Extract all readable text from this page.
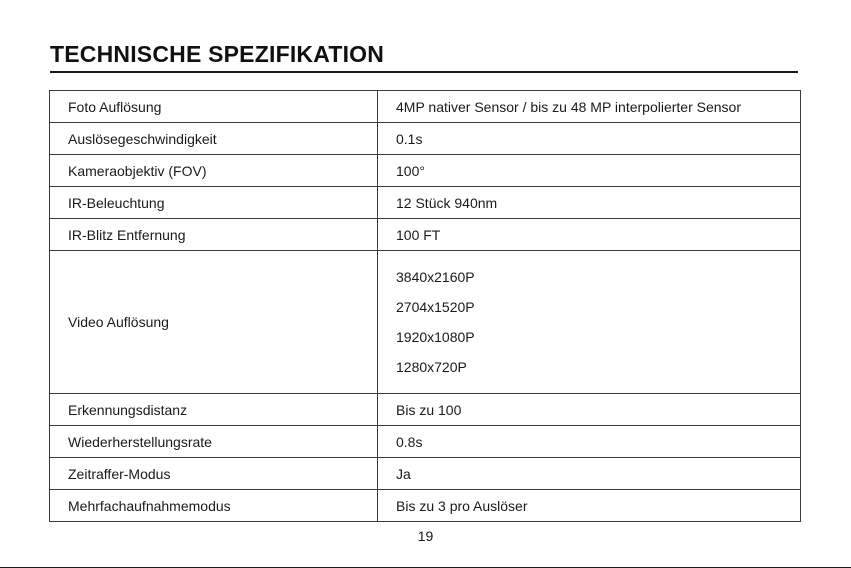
TECHNISCHE SPEZIFIKATION
Foto Auflösung	4MP nativer Sensor / bis zu 48 MP interpolierter Sensor
Auslösegeschwindigkeit	0.1s
Kameraobjektiv (FOV)	100°
IR-Beleuchtung	12 Stück 940nm
IR-Blitz Entfernung	100 FT
Video Auflösung	3840x2160P
2704x1520P
1920x1080P
1280x720P

Erkennungsdistanz	Bis zu 100
Wiederherstellungsrate	0.8s
Zeitraffer-Modus	Ja
Mehrfachaufnahmemodus	Bis zu 3 pro Auslöser
19
